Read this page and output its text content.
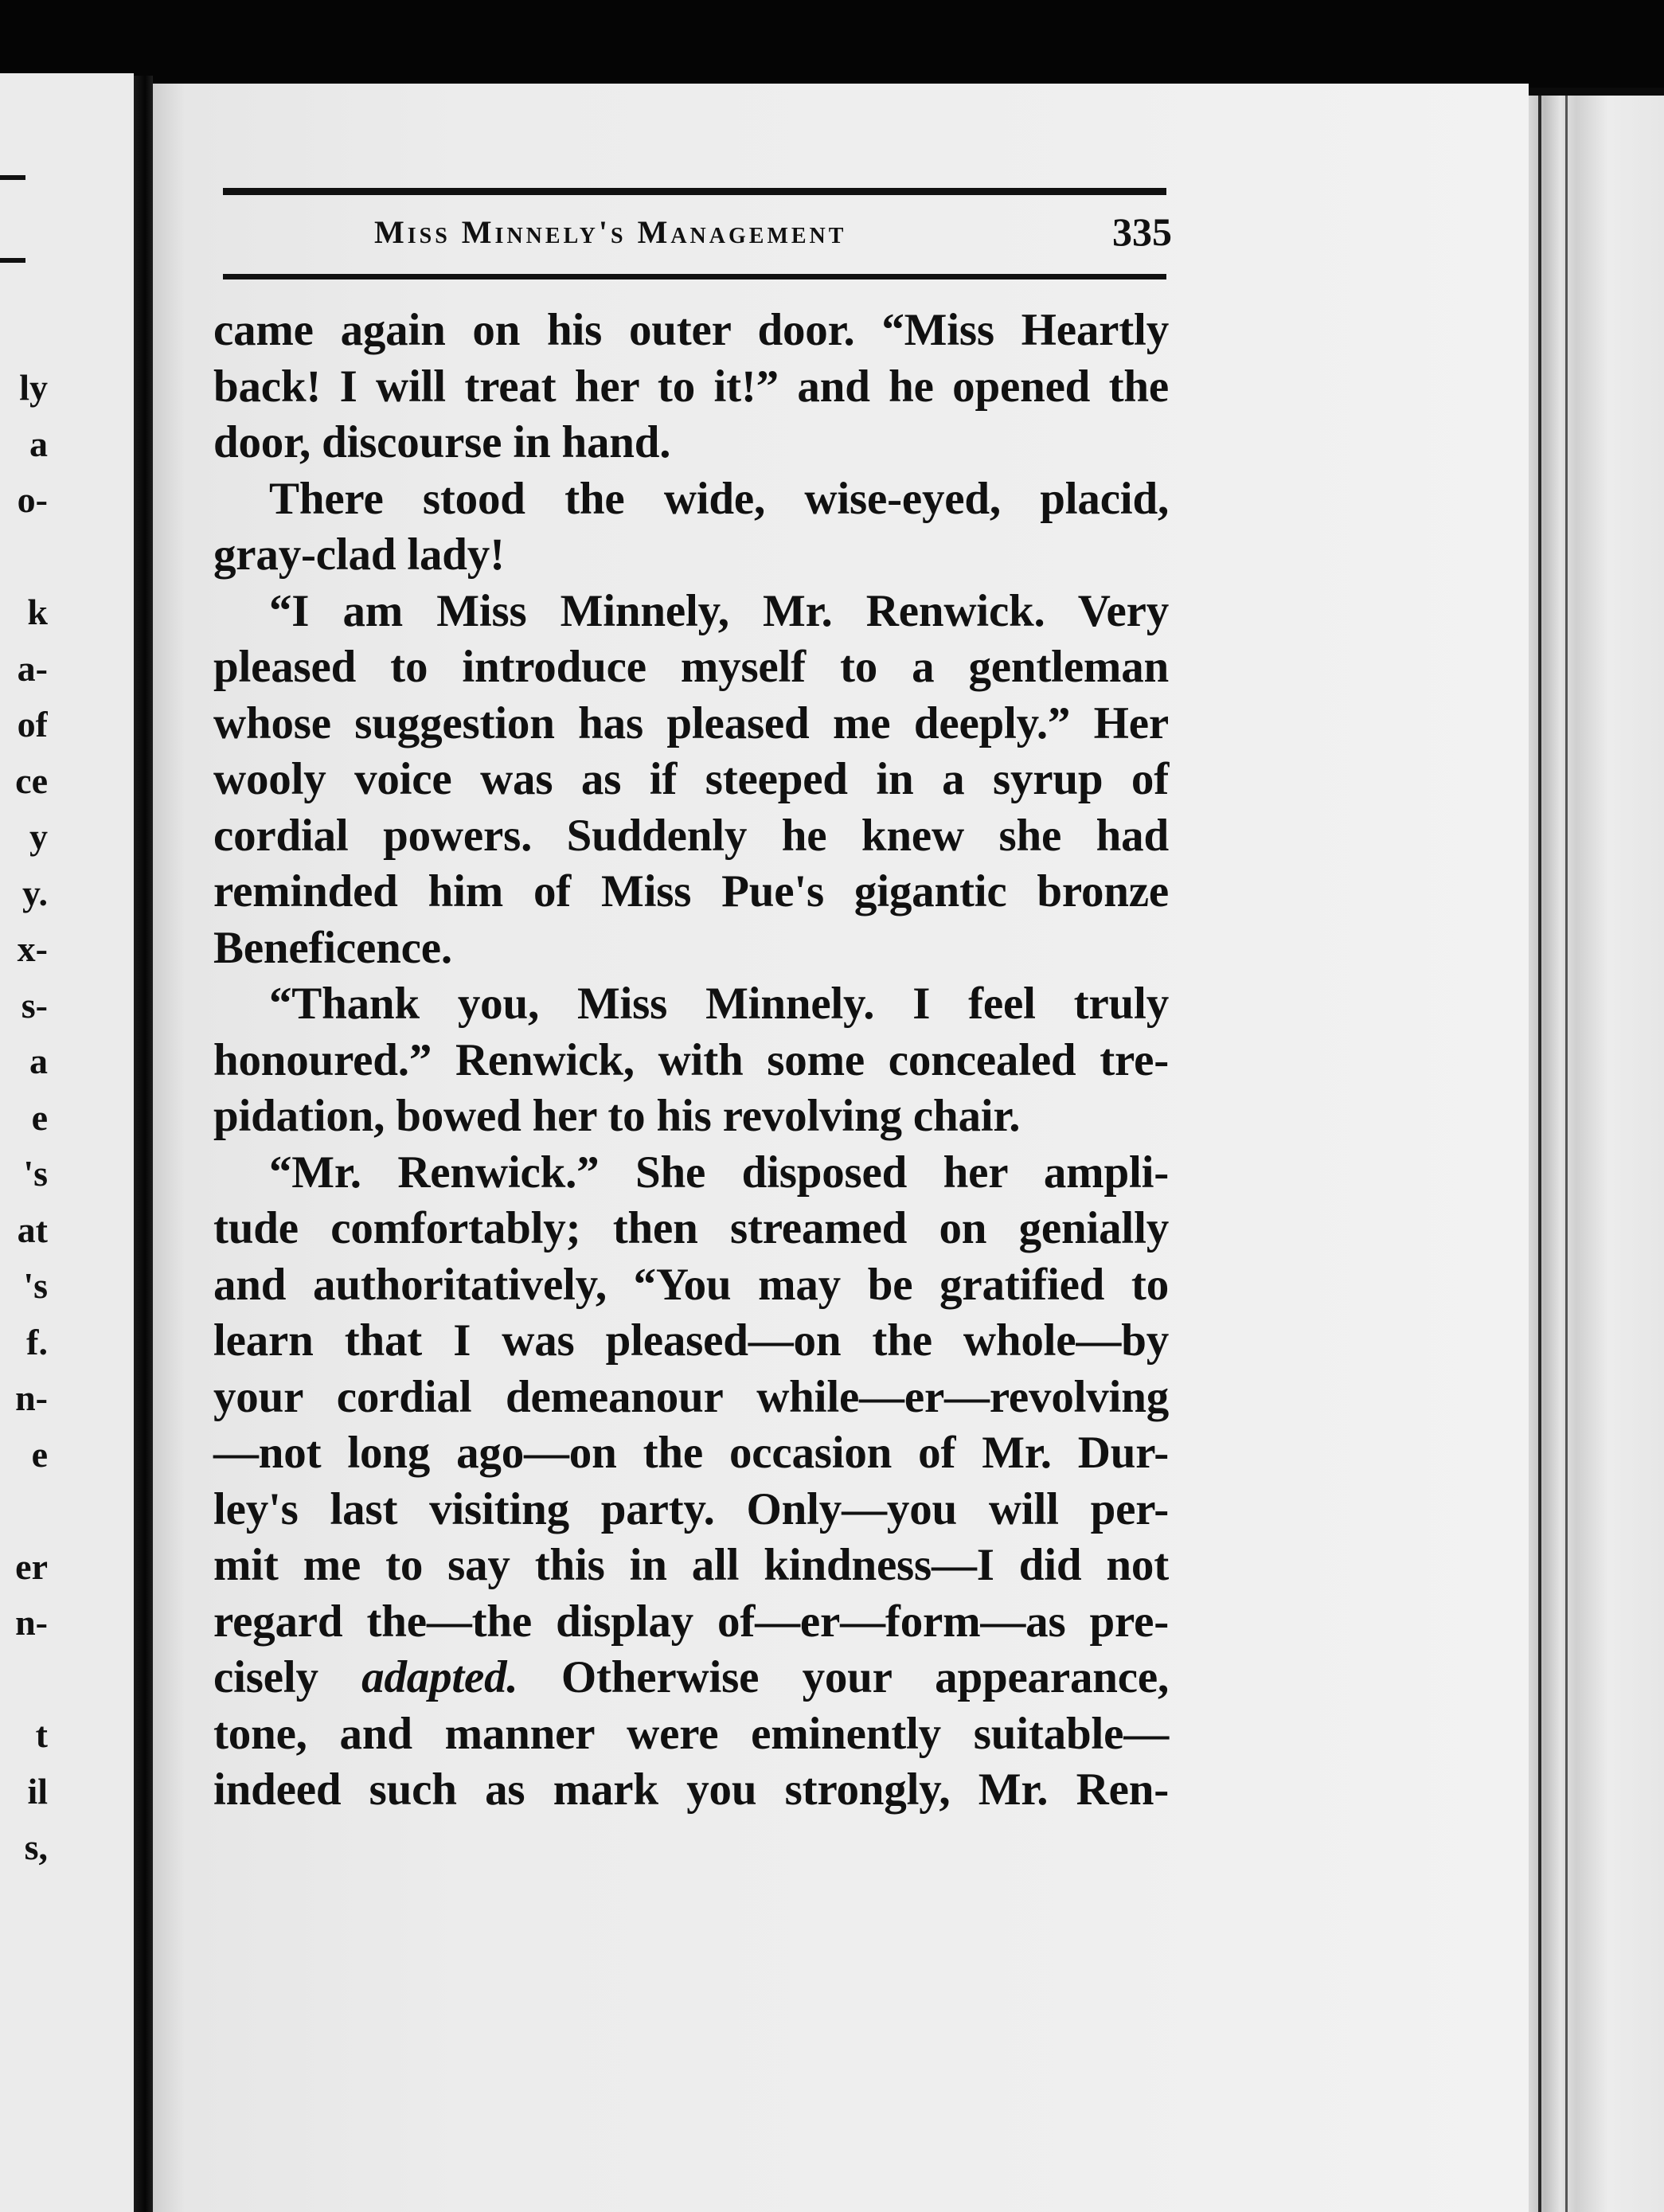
ly
a
o-
k
a-
of
ce
y
y.
x-
s-
a
e
's
at
's
f.
n-
e
er
n-
t
il
s,
Miss Minnely's Management	335
came again on his outer door. “Miss Heartly
back! I will treat her to it!” and he opened the
door, discourse in hand.
There stood the wide, wise-eyed, placid,
gray-clad lady!
“I am Miss Minnely, Mr. Renwick. Very
pleased to introduce myself to a gentleman
whose suggestion has pleased me deeply.” Her
wooly voice was as if steeped in a syrup of
cordial powers. Suddenly he knew she had
reminded him of Miss Pue's gigantic bronze
Beneficence.
“Thank you, Miss Minnely. I feel truly
honoured.” Renwick, with some concealed tre-
pidation, bowed her to his revolving chair.
“Mr. Renwick.” She disposed her ampli-
tude comfortably; then streamed on genially
and authoritatively, “You may be gratified to
learn that I was pleased—on the whole—by
your cordial demeanour while—er—revolving
—not long ago—on the occasion of Mr. Dur-
ley's last visiting party. Only—you will per-
mit me to say this in all kindness—I did not
regard the—the display of—er—form—as pre-
cisely adapted. Otherwise your appearance,
tone, and manner were eminently suitable—
indeed such as mark you strongly, Mr. Ren-
